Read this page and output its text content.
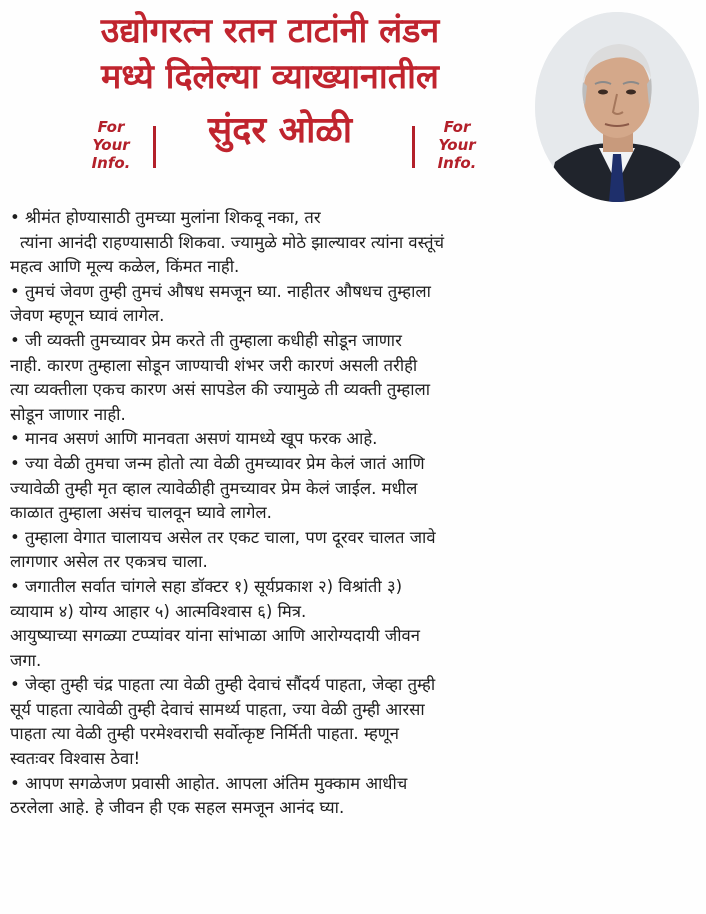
उद्योगरत्न रतन टाटांनी लंडन
मध्ये दिलेल्या व्याख्यानातील
सुंदर ओळी
For
Your
Info.
For
Your
Info.
• श्रीमंत होण्यासाठी तुमच्या मुलांना शिकवू नका, तर
त्यांना आनंदी राहण्यासाठी शिकवा. ज्यामुळे मोठे झाल्यावर त्यांना वस्तूंचं
महत्व आणि मूल्य कळेल, किंमत नाही.
• तुमचं जेवण तुम्ही तुमचं औषध समजून घ्या. नाहीतर औषधच तुम्हाला
जेवण म्हणून घ्यावं लागेल.
• जी व्यक्ती तुमच्यावर प्रेम करते ती तुम्हाला कधीही सोडून जाणार
नाही. कारण तुम्हाला सोडून जाण्याची शंभर जरी कारणं असली तरीही
त्या व्यक्तीला एकच कारण असं सापडेल की ज्यामुळे ती व्यक्ती तुम्हाला
सोडून जाणार नाही.
• मानव असणं आणि मानवता असणं यामध्ये खूप फरक आहे.
• ज्या वेळी तुमचा जन्म होतो त्या वेळी तुमच्यावर प्रेम केलं जातं आणि
ज्यावेळी तुम्ही मृत व्हाल त्यावेळीही तुमच्यावर प्रेम केलं जाईल. मधील
काळात तुम्हाला असंच चालवून घ्यावे लागेल.
• तुम्हाला वेगात चालायच असेल तर एकट चाला, पण दूरवर चालत जावे
लागणार असेल तर एकत्रच चाला.
• जगातील सर्वात चांगले सहा डॉक्टर १) सूर्यप्रकाश २) विश्रांती ३)
व्यायाम ४) योग्य आहार ५) आत्मविश्वास ६) मित्र.
आयुष्याच्या सगळ्या टप्प्यांवर यांना सांभाळा आणि आरोग्यदायी जीवन
जगा.
• जेव्हा तुम्ही चंद्र पाहता त्या वेळी तुम्ही देवाचं सौंदर्य पाहता, जेव्हा तुम्ही
सूर्य पाहता त्यावेळी तुम्ही देवाचं सामर्थ्य पाहता, ज्या वेळी तुम्ही आरसा
पाहता त्या वेळी तुम्ही परमेश्वराची सर्वोत्कृष्ट निर्मिती पाहता. म्हणून
स्वतःवर विश्वास ठेवा!
• आपण सगळेजण प्रवासी आहोत. आपला अंतिम मुक्काम आधीच
ठरलेला आहे. हे जीवन ही एक सहल समजून आनंद घ्या.
